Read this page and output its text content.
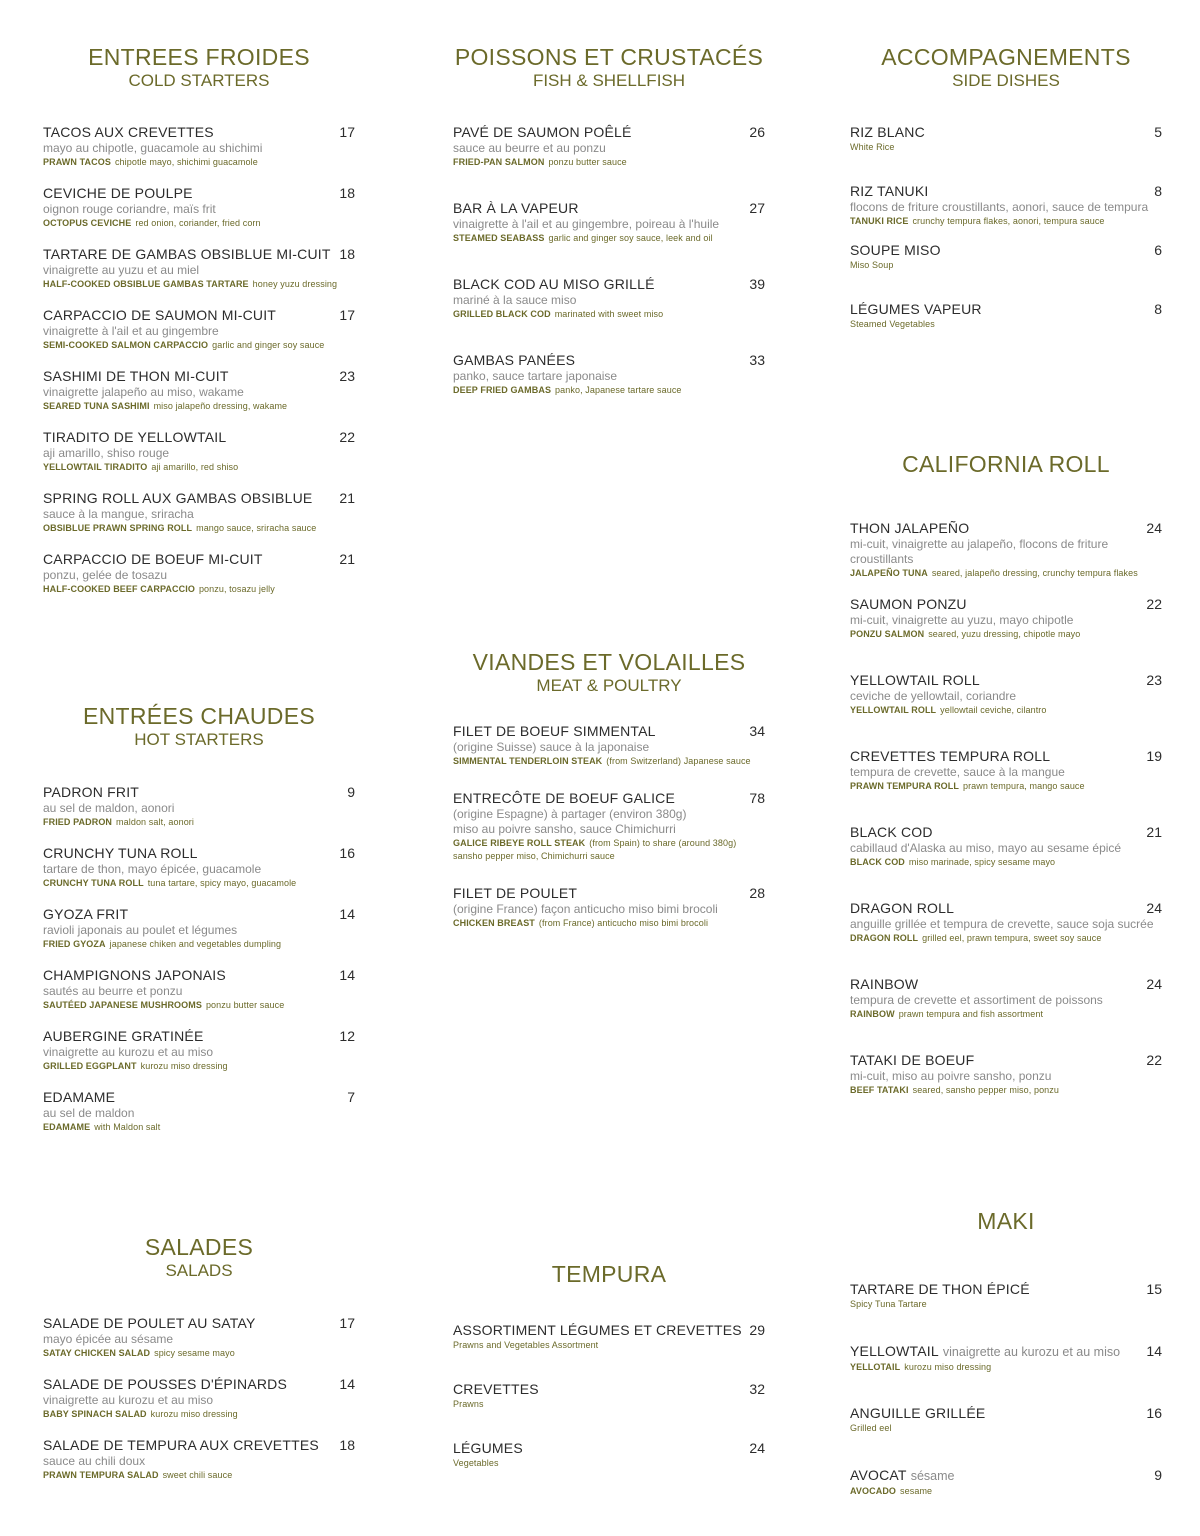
ENTREES FROIDES
COLD STARTERS
TACOS AUX CREVETTES	17
mayo au chipotle, guacamole au shichimi
PRAWN TACOS chipotle mayo, shichimi guacamole
CEVICHE DE POULPE	18
oignon rouge coriandre, maïs frit
OCTOPUS CEVICHE red onion, coriander, fried corn
TARTARE DE GAMBAS OBSIBLUE MI-CUIT 18
vinaigrette au yuzu et au miel
HALF-COOKED OBSIBLUE GAMBAS TARTARE honey yuzu dressing
CARPACCIO DE SAUMON MI-CUIT	17
vinaigrette à l'ail et au gingembre
SEMI-COOKED SALMON CARPACCIO garlic and ginger soy sauce
SASHIMI DE THON MI-CUIT	23
vinaigrette jalapeño au miso, wakame
SEARED TUNA SASHIMI miso jalapeño dressing, wakame
TIRADITO DE YELLOWTAIL	22
aji amarillo, shiso rouge
YELLOWTAIL TIRADITO aji amarillo, red shiso
SPRING ROLL AUX GAMBAS OBSIBLUE 21
sauce à la mangue, sriracha
OBSIBLUE PRAWN SPRING ROLL mango sauce, sriracha sauce
CARPACCIO DE BOEUF MI-CUIT	21
ponzu, gelée de tosazu
HALF-COOKED BEEF CARPACCIO ponzu, tosazu jelly
ENTRÉES CHAUDES
HOT STARTERS
PADRON FRIT	9
au sel de maldon, aonori
FRIED PADRON maldon salt, aonori
CRUNCHY TUNA ROLL	16
tartare de thon, mayo épicée, guacamole
CRUNCHY TUNA ROLL tuna tartare, spicy mayo, guacamole
GYOZA FRIT	14
ravioli japonais au poulet et légumes
FRIED GYOZA japanese chiken and vegetables dumpling
CHAMPIGNONS JAPONAIS	14
sautés au beurre et ponzu
SAUTÉED JAPANESE MUSHROOMS ponzu butter sauce
AUBERGINE GRATINÉE	12
vinaigrette au kurozu et au miso
GRILLED EGGPLANT kurozu miso dressing
EDAMAME	7
au sel de maldon
EDAMAME with Maldon salt
SALADES
SALADS
SALADE DE POULET AU SATAY	17
mayo épicée au sésame
SATAY CHICKEN SALAD spicy sesame mayo
SALADE DE POUSSES D'ÉPINARDS	14
vinaigrette au kurozu et au miso
BABY SPINACH SALAD kurozu miso dressing
SALADE DE TEMPURA AUX CREVETTES 18
sauce au chili doux
PRAWN TEMPURA SALAD sweet chili sauce
POISSONS ET CRUSTACÉS
FISH & SHELLFISH
PAVÉ DE SAUMON POÊLÉ	26
sauce au beurre et au ponzu
FRIED-PAN SALMON ponzu butter sauce
BAR À LA VAPEUR	27
vinaigrette à l'ail et au gingembre, poireau à l'huile
STEAMED SEABASS garlic and ginger soy sauce, leek and oil
BLACK COD AU MISO GRILLÉ	39
mariné à la sauce miso
GRILLED BLACK COD marinated with sweet miso
GAMBAS PANÉES	33
panko, sauce tartare japonaise
DEEP FRIED GAMBAS panko, Japanese tartare sauce
VIANDES ET VOLAILLES
MEAT & POULTRY
FILET DE BOEUF SIMMENTAL	34
(origine Suisse) sauce à la japonaise
SIMMENTAL TENDERLOIN STEAK (from Switzerland) Japanese sauce
ENTRECÔTE DE BOEUF GALICE	78
(origine Espagne) à partager (environ 380g)
miso au poivre sansho, sauce Chimichurri
GALICE RIBEYE ROLL STEAK (from Spain) to share (around 380g)
sansho pepper miso, Chimichurri sauce
FILET DE POULET	28
(origine France) façon anticucho miso bimi brocoli
CHICKEN BREAST (from France) anticucho miso bimi brocoli
TEMPURA
ASSORTIMENT LÉGUMES ET CREVETTES 29
Prawns and Vegetables Assortment
CREVETTES	32
Prawns
LÉGUMES	24
Vegetables
ACCOMPAGNEMENTS
SIDE DISHES
RIZ BLANC	5
White Rice
RIZ TANUKI	8
flocons de friture croustillants, aonori, sauce de tempura
TANUKI RICE crunchy tempura flakes, aonori, tempura sauce
SOUPE MISO	6
Miso Soup
LÉGUMES VAPEUR	8
Steamed Vegetables
CALIFORNIA ROLL
THON JALAPEÑO	24
mi-cuit, vinaigrette au jalapeño, flocons de friture
croustillants
JALAPEÑO TUNA seared, jalapeño dressing, crunchy tempura flakes
SAUMON PONZU	22
mi-cuit, vinaigrette au yuzu, mayo chipotle
PONZU SALMON seared, yuzu dressing, chipotle mayo
YELLOWTAIL ROLL	23
ceviche de yellowtail, coriandre
YELLOWTAIL ROLL yellowtail ceviche, cilantro
CREVETTES TEMPURA ROLL	19
tempura de crevette, sauce à la mangue
PRAWN TEMPURA ROLL prawn tempura, mango sauce
BLACK COD	21
cabillaud d'Alaska au miso, mayo au sesame épicé
BLACK COD miso marinade, spicy sesame mayo
DRAGON ROLL	24
anguille grillée et tempura de crevette, sauce soja sucrée
DRAGON ROLL grilled eel, prawn tempura, sweet soy sauce
RAINBOW	24
tempura de crevette et assortiment de poissons
RAINBOW prawn tempura and fish assortment
TATAKI DE BOEUF	22
mi-cuit, miso au poivre sansho, ponzu
BEEF TATAKI seared, sansho pepper miso, ponzu
MAKI
TARTARE DE THON ÉPICÉ	15
Spicy Tuna Tartare
YELLOWTAIL vinaigrette au kurozu et au miso 14
YELLOTAIL kurozu miso dressing
ANGUILLE GRILLÉE	16
Grilled eel
AVOCAT sésame	9
AVOCADO sesame
